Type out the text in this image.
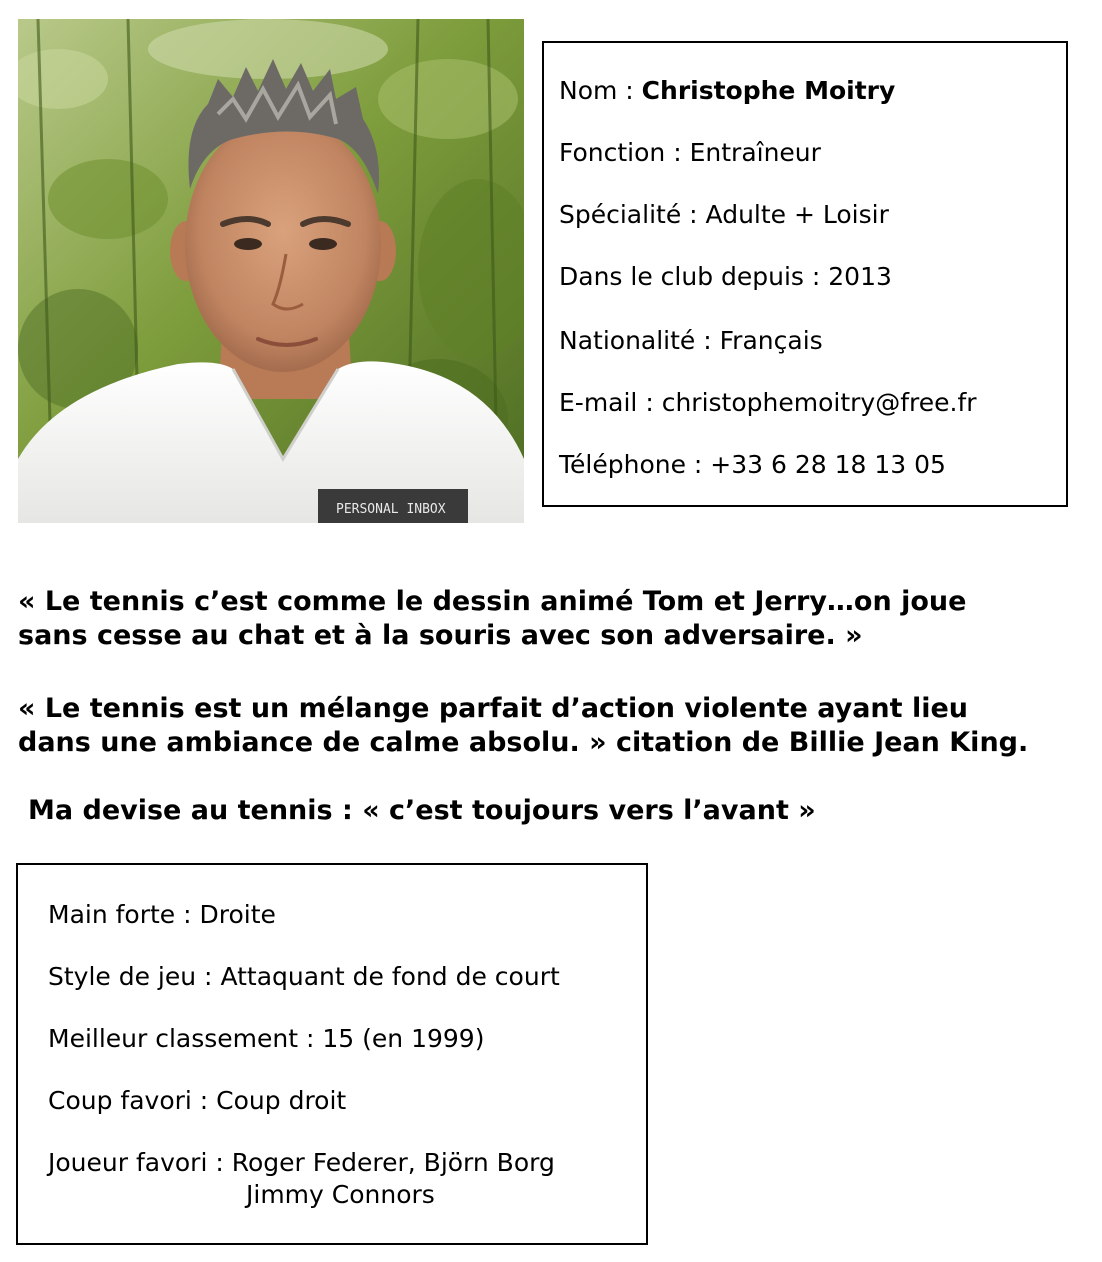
PERSONAL INBOX
Nom : Christophe Moitry
Fonction : Entraîneur
Spécialité : Adulte + Loisir
Dans le club depuis : 2013
Nationalité : Français
E-mail : christophemoitry@free.fr
Téléphone : +33 6 28 18 13 05
« Le tennis c’est comme le dessin animé Tom et Jerry…on joue
sans cesse au chat et à la souris avec son adversaire. »
« Le tennis est un mélange parfait d’action violente ayant lieu
dans une ambiance de calme absolu. » citation de Billie Jean King.
Ma devise au tennis : « c’est toujours vers l’avant »
Main forte : Droite
Style de jeu : Attaquant de fond de court
Meilleur classement : 15 (en 1999)
Coup favori : Coup droit
Joueur favori : Roger Federer, Björn Borg
Jimmy Connors
